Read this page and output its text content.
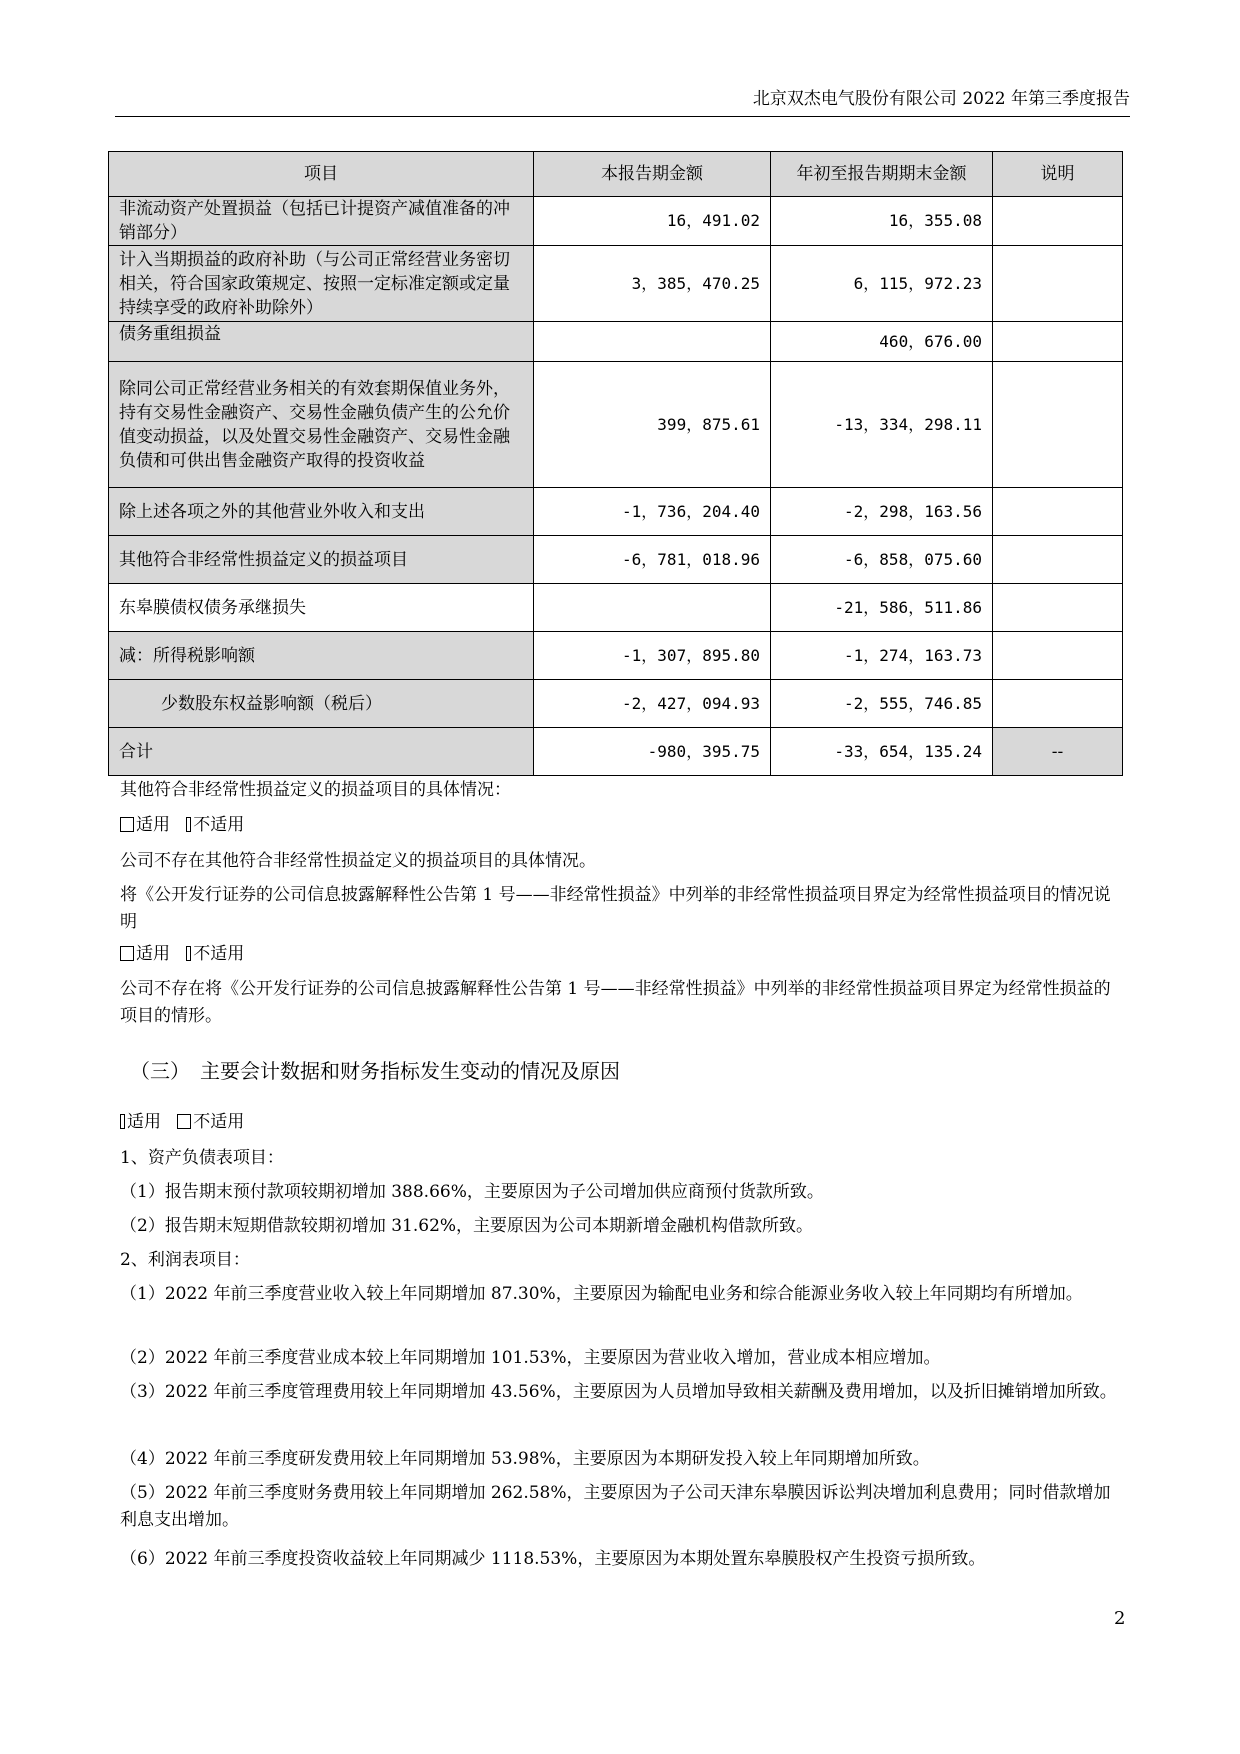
北京双杰电气股份有限公司 2022 年第三季度报告
项目	本报告期金额	年初至报告期期末金额	说明
非流动资产处置损益（包括已计提资产减值准备的冲销部分）	16，491.02	16，355.08	
计入当期损益的政府补助（与公司正常经营业务密切相关，符合国家政策规定、按照一定标准定额或定量持续享受的政府补助除外）	3，385，470.25	6，115，972.23	
债务重组损益		460，676.00	
除同公司正常经营业务相关的有效套期保值业务外，持有交易性金融资产、交易性金融负债产生的公允价值变动损益，以及处置交易性金融资产、交易性金融负债和可供出售金融资产取得的投资收益	399，875.61	-13，334，298.11	
除上述各项之外的其他营业外收入和支出	-1，736，204.40	-2，298，163.56	
其他符合非经常性损益定义的损益项目	-6，781，018.96	-6，858，075.60	
东皋膜债权债务承继损失		-21，586，511.86	
减：所得税影响额	-1，307，895.80	-1，274，163.73	
少数股东权益影响额（税后）	-2，427，094.93	-2，555，746.85	
合计	-980，395.75	-33，654，135.24	--
其他符合非经常性损益定义的损益项目的具体情况：
适用 不适用
公司不存在其他符合非经常性损益定义的损益项目的具体情况。
将《公开发行证券的公司信息披露解释性公告第 1 号——非经常性损益》中列举的非经常性损益项目界定为经常性损益项目的情况说明
适用 不适用
公司不存在将《公开发行证券的公司信息披露解释性公告第 1 号——非经常性损益》中列举的非经常性损益项目界定为经常性损益的项目的情形。
（三）　主要会计数据和财务指标发生变动的情况及原因
适用 不适用
1、资产负债表项目：
（1）报告期末预付款项较期初增加 388.66%，主要原因为子公司增加供应商预付货款所致。
（2）报告期末短期借款较期初增加 31.62%，主要原因为公司本期新增金融机构借款所致。
2、利润表项目：
（1）2022 年前三季度营业收入较上年同期增加 87.30%，主要原因为输配电业务和综合能源业务收入较上年同期均有所增加。
（2）2022 年前三季度营业成本较上年同期增加 101.53%，主要原因为营业收入增加，营业成本相应增加。
（3）2022 年前三季度管理费用较上年同期增加 43.56%，主要原因为人员增加导致相关薪酬及费用增加，以及折旧摊销增加所致。
（4）2022 年前三季度研发费用较上年同期增加 53.98%，主要原因为本期研发投入较上年同期增加所致。
（5）2022 年前三季度财务费用较上年同期增加 262.58%，主要原因为子公司天津东皋膜因诉讼判决增加利息费用；同时借款增加利息支出增加。
（6）2022 年前三季度投资收益较上年同期减少 1118.53%，主要原因为本期处置东皋膜股权产生投资亏损所致。
2
